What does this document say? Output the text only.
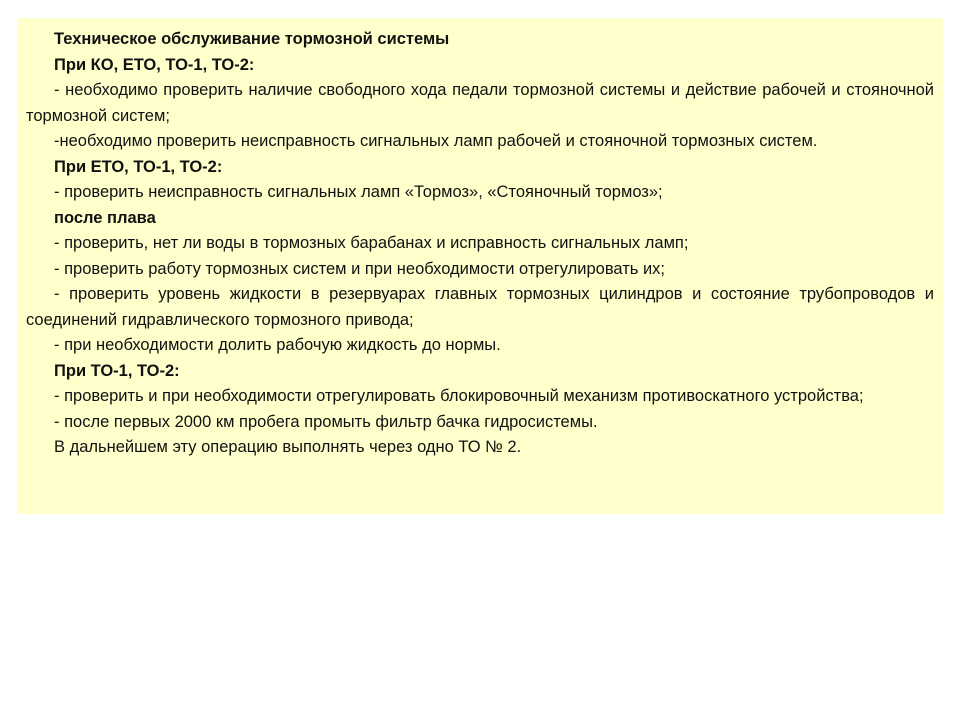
Техническое обслуживание тормозной системы

При КО, ЕТО, ТО-1, ТО-2:

- необходимо проверить наличие свободного хода педали тормозной системы и действие рабочей и стояночной тормозной систем;

-необходимо проверить неисправность сигнальных ламп рабочей и стояночной тормозных систем.

При ЕТО, ТО-1, ТО-2:

- проверить неисправность сигнальных ламп «Тормоз», «Стояночный тормоз»;

после плава

- проверить, нет ли воды в тормозных барабанах и исправность сигнальных ламп;

- проверить работу тормозных систем и при необходимости отрегулировать их;

- проверить уровень жидкости в резервуарах главных тормозных цилиндров и состояние трубопроводов и соединений гидравлического тормозного привода;

- при необходимости долить рабочую жидкость до нормы.

При ТО-1, ТО-2:

- проверить и при необходимости отрегулировать блокировочный механизм противоскатного устройства;

- после первых 2000 км пробега промыть фильтр бачка гидросистемы.

В дальнейшем эту операцию выполнять через одно ТО № 2.
